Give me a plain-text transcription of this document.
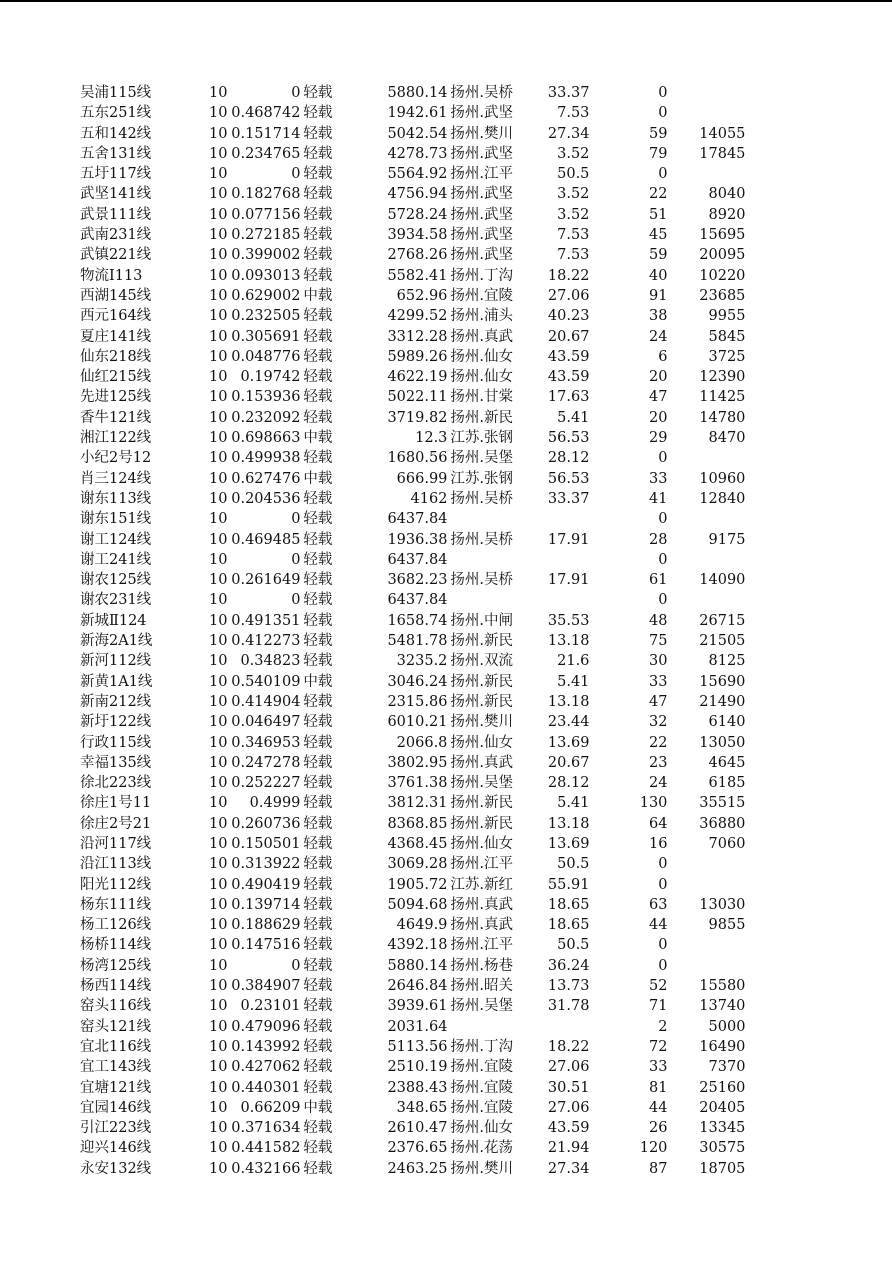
吴浦115线	10	0	轻载	5880.14	扬州.吴桥	33.37	0	
五东251线	10	0.468742	轻载	1942.61	扬州.武坚	7.53	0	
五和142线	10	0.151714	轻载	5042.54	扬州.樊川	27.34	59	14055
五舍131线	10	0.234765	轻载	4278.73	扬州.武坚	3.52	79	17845
五圩117线	10	0	轻载	5564.92	扬州.江平	50.5	0	
武坚141线	10	0.182768	轻载	4756.94	扬州.武坚	3.52	22	8040
武景111线	10	0.077156	轻载	5728.24	扬州.武坚	3.52	51	8920
武南231线	10	0.272185	轻载	3934.58	扬州.武坚	7.53	45	15695
武镇221线	10	0.399002	轻载	2768.26	扬州.武坚	7.53	59	20095
物流Ⅰ113	10	0.093013	轻载	5582.41	扬州.丁沟	18.22	40	10220
西湖145线	10	0.629002	中载	652.96	扬州.宜陵	27.06	91	23685
西元164线	10	0.232505	轻载	4299.52	扬州.浦头	40.23	38	9955
夏庄141线	10	0.305691	轻载	3312.28	扬州.真武	20.67	24	5845
仙东218线	10	0.048776	轻载	5989.26	扬州.仙女	43.59	6	3725
仙红215线	10	0.19742	轻载	4622.19	扬州.仙女	43.59	20	12390
先进125线	10	0.153936	轻载	5022.11	扬州.甘棠	17.63	47	11425
香牛121线	10	0.232092	轻载	3719.82	扬州.新民	5.41	20	14780
湘江122线	10	0.698663	中载	12.3	江苏.张钢	56.53	29	8470
小纪2号12	10	0.499938	轻载	1680.56	扬州.吴堡	28.12	0	
肖三124线	10	0.627476	中载	666.99	江苏.张钢	56.53	33	10960
谢东113线	10	0.204536	轻载	4162	扬州.吴桥	33.37	41	12840
谢东151线	10	0	轻载	6437.84			0	
谢工124线	10	0.469485	轻载	1936.38	扬州.吴桥	17.91	28	9175
谢工241线	10	0	轻载	6437.84			0	
谢农125线	10	0.261649	轻载	3682.23	扬州.吴桥	17.91	61	14090
谢农231线	10	0	轻载	6437.84			0	
新城Ⅱ124	10	0.491351	轻载	1658.74	扬州.中闸	35.53	48	26715
新海2A1线	10	0.412273	轻载	5481.78	扬州.新民	13.18	75	21505
新河112线	10	0.34823	轻载	3235.2	扬州.双流	21.6	30	8125
新黄1A1线	10	0.540109	中载	3046.24	扬州.新民	5.41	33	15690
新南212线	10	0.414904	轻载	2315.86	扬州.新民	13.18	47	21490
新圩122线	10	0.046497	轻载	6010.21	扬州.樊川	23.44	32	6140
行政115线	10	0.346953	轻载	2066.8	扬州.仙女	13.69	22	13050
幸福135线	10	0.247278	轻载	3802.95	扬州.真武	20.67	23	4645
徐北223线	10	0.252227	轻载	3761.38	扬州.吴堡	28.12	24	6185
徐庄1号11	10	0.4999	轻载	3812.31	扬州.新民	5.41	130	35515
徐庄2号21	10	0.260736	轻载	8368.85	扬州.新民	13.18	64	36880
沿河117线	10	0.150501	轻载	4368.45	扬州.仙女	13.69	16	7060
沿江113线	10	0.313922	轻载	3069.28	扬州.江平	50.5	0	
阳光112线	10	0.490419	轻载	1905.72	江苏.新红	55.91	0	
杨东111线	10	0.139714	轻载	5094.68	扬州.真武	18.65	63	13030
杨工126线	10	0.188629	轻载	4649.9	扬州.真武	18.65	44	9855
杨桥114线	10	0.147516	轻载	4392.18	扬州.江平	50.5	0	
杨湾125线	10	0	轻载	5880.14	扬州.杨巷	36.24	0	
杨西114线	10	0.384907	轻载	2646.84	扬州.昭关	13.73	52	15580
窑头116线	10	0.23101	轻载	3939.61	扬州.吴堡	31.78	71	13740
窑头121线	10	0.479096	轻载	2031.64			2	5000
宜北116线	10	0.143992	轻载	5113.56	扬州.丁沟	18.22	72	16490
宜工143线	10	0.427062	轻载	2510.19	扬州.宜陵	27.06	33	7370
宜塘121线	10	0.440301	轻载	2388.43	扬州.宜陵	30.51	81	25160
宜园146线	10	0.66209	中载	348.65	扬州.宜陵	27.06	44	20405
引江223线	10	0.371634	轻载	2610.47	扬州.仙女	43.59	26	13345
迎兴146线	10	0.441582	轻载	2376.65	扬州.花荡	21.94	120	30575
永安132线	10	0.432166	轻载	2463.25	扬州.樊川	27.34	87	18705
